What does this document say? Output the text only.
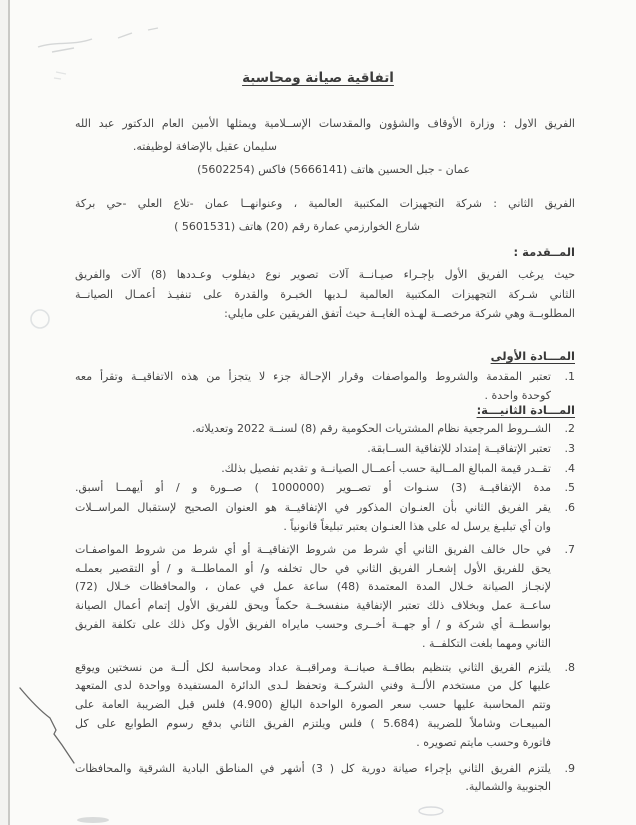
اتفاقية صيانة ومحاسبة
الفريق الاول : وزارة الأوقاف والشؤون والمقدسات الإســلامية ويمثلها الأمين العام الدكتور عبد الله
سليمان عقيل بالإضافة لوظيفته.
عمان - جبل الحسين هاتف (5666141) فاكس (5602254)
الفريق الثاني : شركة التجهيزات المكتبية العالمية ، وعنوانهــا عمان -تلاع العلي -حي بركة
شارع الخوارزمي عمارة رقم (20) هاتف (5601531 )
المــقدمة :
حيث يرغب الفريق الأول بإجـراء صيـانــة آلات تصوير نوع ديفلوب وعـددها (8) آلات والفريق
الثاني شـركة التجهيزات المكتبية العالمية لـديها الخبـرة والقدرة على تنفيـذ أعمـال الصيانــة
المطلوبــة وهي شركة مرخصــة لهـذه الغايــة حيث أتفق الفريقين على مايلي:
المـــادة الأولى
1.
تعتبر المقدمة والشروط والمواصفات وقرار الإحـالة جزء لا يتجزأ من هذه الاتفاقيــة وتقرأ معه
كوحدة واحدة .
المـــادة الثانيـــة:
2.
الشــروط المرجعية نظام المشتريات الحكومية رقم (8) لسنــة 2022 وتعديلاته.
3.
تعتبر الإتفاقيــة إمتداد للإتفاقية الســابقة.
4.
تقــدر قيمة المبالغ المــالية حسب أعمــال الصيانــة و تقديم تفصيل بذلك.
5.
مدة الإتفاقيــة (3) سنـوات أو تصــوير (1000000 ) صــورة و / أو أيهمــا أسبق.
6.
يقر الفريق الثاني بأن العنـوان المذكور في الإتفاقيــة هو العنوان الصحيح لإستقبال المراســلات
وان أي تبليـغ يرسل له على هذا العنـوان يعتبر تبليغاً قانونياً .
7.
في حال خالف الفريق الثاني أي شرط من شروط الإتفاقيــة أو أي شرط من شروط المواصفـات
يحق للفريق الأول إشعـار الفريق الثاني في حال تخلفه و/ أو المماطلــة و / أو التقصير بعملـه
لإنجـاز الصيانة خـلال المدة المعتمدة (48) ساعة عمل في عمان ، والمحافظات خـلال (72)
ساعــة عمل وبخلاف ذلك تعتبر الإتفاقية منفسخــة حكماً ويحق للفريق الأول إتمام أعمال الصيانة
بواسطــة أي شركة و / أو جهــة أخــرى وحسب مايراه الفريق الأول وكل ذلك على تكلفة الفريق
الثاني ومهما بلغت التكلفــة .
8.
يلتزم الفريق الثاني بتنظيم بطاقــة صيانــة ومراقبــة عداد ومحاسبة لكل ألــة من نسختين ويوقع
عليها كل من مستخدم الألــة وفني الشركــة وتحفظ لـدى الدائرة المستفيدة وواحدة لدى المتعهد
وتتم المحاسبة عليها حسب سعر الصورة الواحدة البالغ (4.900) فلس قبل الضريبة العامة على
المبيعـات وشاملاً للضريبة (5.684 ) فلس ويلتزم الفريق الثاني بدفع رسوم الطوابع على كل
فاتورة وحسب مايتم تصويره .
9.
يلتزم الفريق الثاني بإجراء صيانة دورية كل ( 3) أشهر في المناطق البادية الشرقية والمحافظات
الجنوبية والشمالية.
